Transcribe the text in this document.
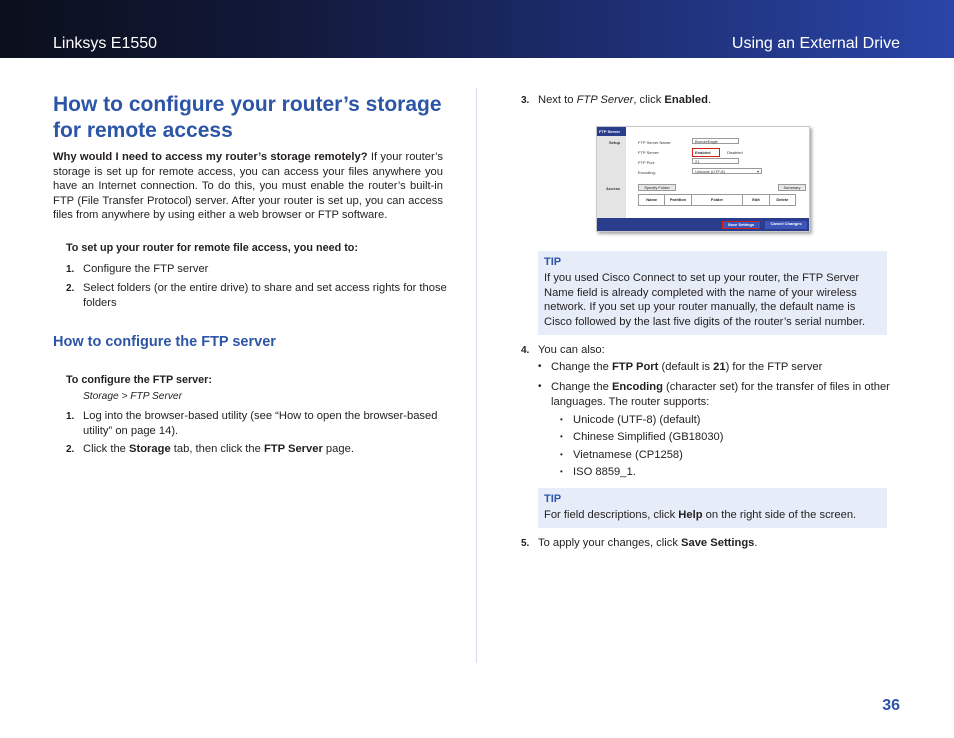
Linksys E1550	Using an External Drive
How to configure your router’s storage for remote access
Why would I need to access my router’s storage remotely? If your router’s storage is set up for remote access, you can access your files anywhere you have an Internet connection. To do this, you must enable the router’s built-in FTP (File Transfer Protocol) server. After your router is set up, you can access files from anywhere by using either a web browser or FTP software.
To set up your router for remote file access, you need to:
1. Configure the FTP server
2. Select folders (or the entire drive) to share and set access rights for those folders
How to configure the FTP server
To configure the FTP server:
Storage > FTP Server
1. Log into the browser-based utility (see “How to open the browser-based utility” on page 14).
2. Click the Storage tab, then click the FTP Server page.
3. Next to FTP Server, click Enabled.
FTP Server
Setup
Access
FTP Server Name:	BronzeEagle
FTP Server:	Enabled	Disabled
FTP Port:	21
Encoding:	Unicode (UTF-8)	▾
Specify Folder	Summary
Name	Partition	Folder	Edit	Delete
Save Settings	Cancel Changes
TIP
If you used Cisco Connect to set up your router, the FTP Server Name field is already completed with the name of your wireless network. If you set up your router manually, the default name is Cisco followed by the last five digits of the router’s serial number.
4. You can also:
• Change the FTP Port (default is 21) for the FTP server
• Change the Encoding (character set) for the transfer of files in other languages. The router supports:
• Unicode (UTF-8) (default)
• Chinese Simplified (GB18030)
• Vietnamese (CP1258)
• ISO 8859_1.
TIP
For field descriptions, click Help on the right side of the screen.
5. To apply your changes, click Save Settings.
36
